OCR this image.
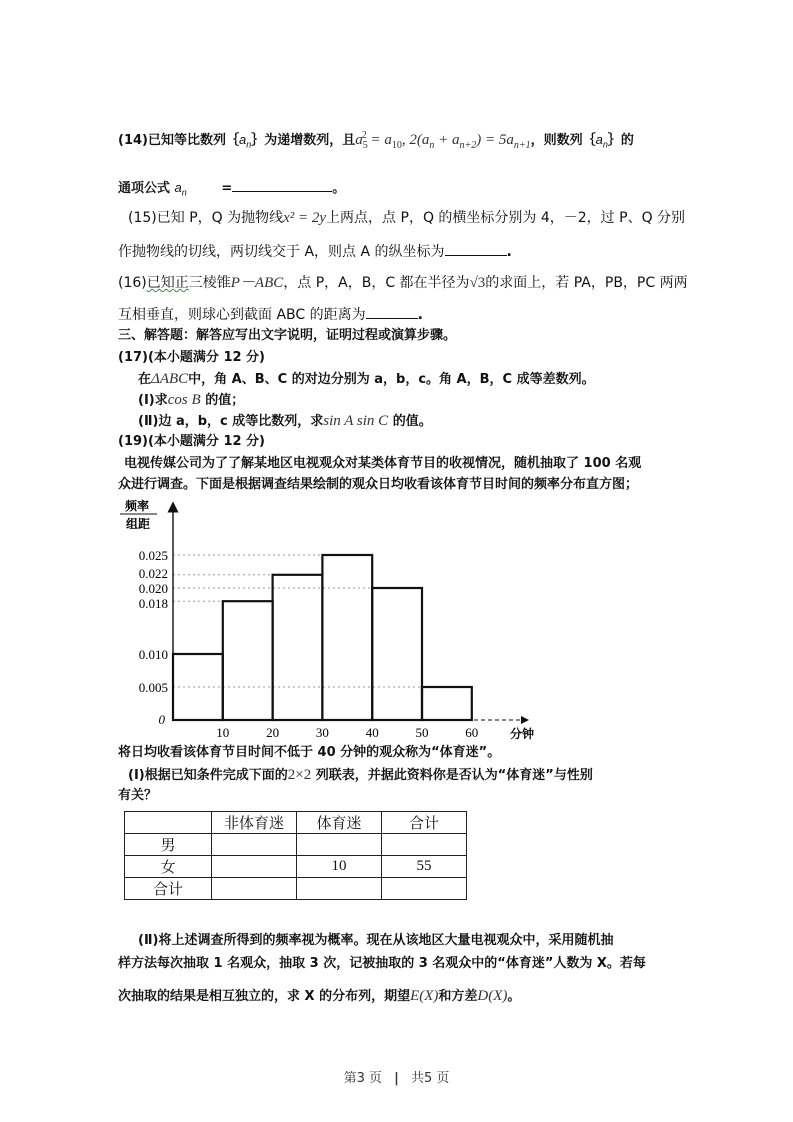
(14)已知等比数列$\{a_n\}$为递增数列，且$a_5^2 = a_{10}$, $2(a_n + a_{n+2}) = 5a_{n+1}$，则数列$\{a_n\}$的
通项公式 $a_n$	=	。
(15)已知 P，Q 为抛物线x² = 2y上两点，点 P，Q 的横坐标分别为 4，－2，过 P、Q 分别
作抛物线的切线，两切线交于 A，则点 A 的纵坐标为	.
(16)已知正三棱锥P－ABC，点 P，A，B，C 都在半径为√3的求面上，若 PA，PB，PC 两两
互相垂直，则球心到截面 ABC 的距离为	.
三、解答题：解答应写出文字说明，证明过程或演算步骤。
(17)(本小题满分 12 分)
在ΔABC中，角 A、B、C 的对边分别为 a，b，c。角 A，B，C 成等差数列。
(Ⅰ)求cos B 的值；
(Ⅱ)边 a，b，c 成等比数列，求sin A sin C 的值。
(19)(本小题满分 12 分)
电视传媒公司为了了解某地区电视观众对某类体育节目的收视情况，随机抽取了 100 名观
众进行调查。下面是根据调查结果绘制的观众日均收看该体育节目时间的频率分布直方图；
频率
组距
分钟
0
0.025
0.022
0.020
0.018
0.010
0.005
10	20	30	40	50	60
将日均收看该体育节目时间不低于 40 分钟的观众称为“体育迷”。
(Ⅰ)根据已知条件完成下面的2×2 列联表，并据此资料你是否认为“体育迷”与性别
有关？
	非体育迷	体育迷	合计
男			
女		10	55
合计			
(Ⅱ)将上述调查所得到的频率视为概率。现在从该地区大量电视观众中，采用随机抽
样方法每次抽取 1 名观众，抽取 3 次，记被抽取的 3 名观众中的“体育迷”人数为 X。若每
次抽取的结果是相互独立的，求 X 的分布列，期望E(X)和方差D(X)。
第3 页 | 共5 页
